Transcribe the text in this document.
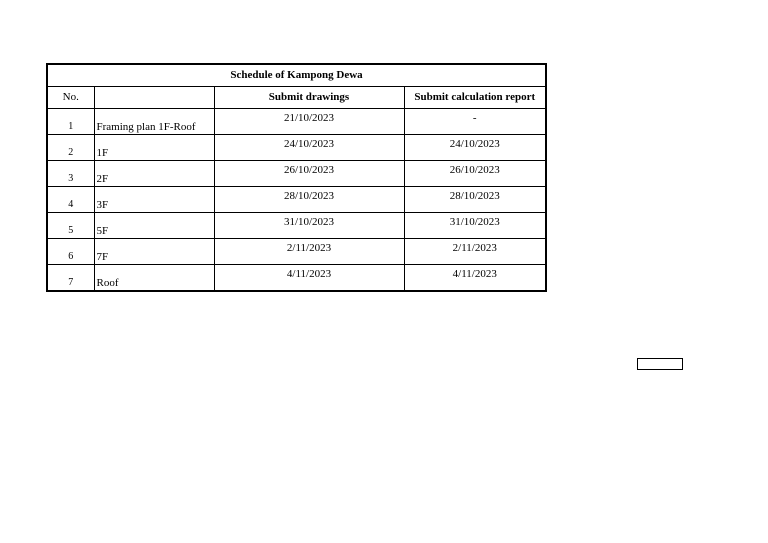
Schedule of Kampong Dewa			
No.		Submit drawings	Submit calculation report
1	Framing plan 1F-Roof	21/10/2023	-
2	1F	24/10/2023	24/10/2023
3	2F	26/10/2023	26/10/2023
4	3F	28/10/2023	28/10/2023
5	5F	31/10/2023	31/10/2023
6	7F	2/11/2023	2/11/2023
7	Roof	4/11/2023	4/11/2023
